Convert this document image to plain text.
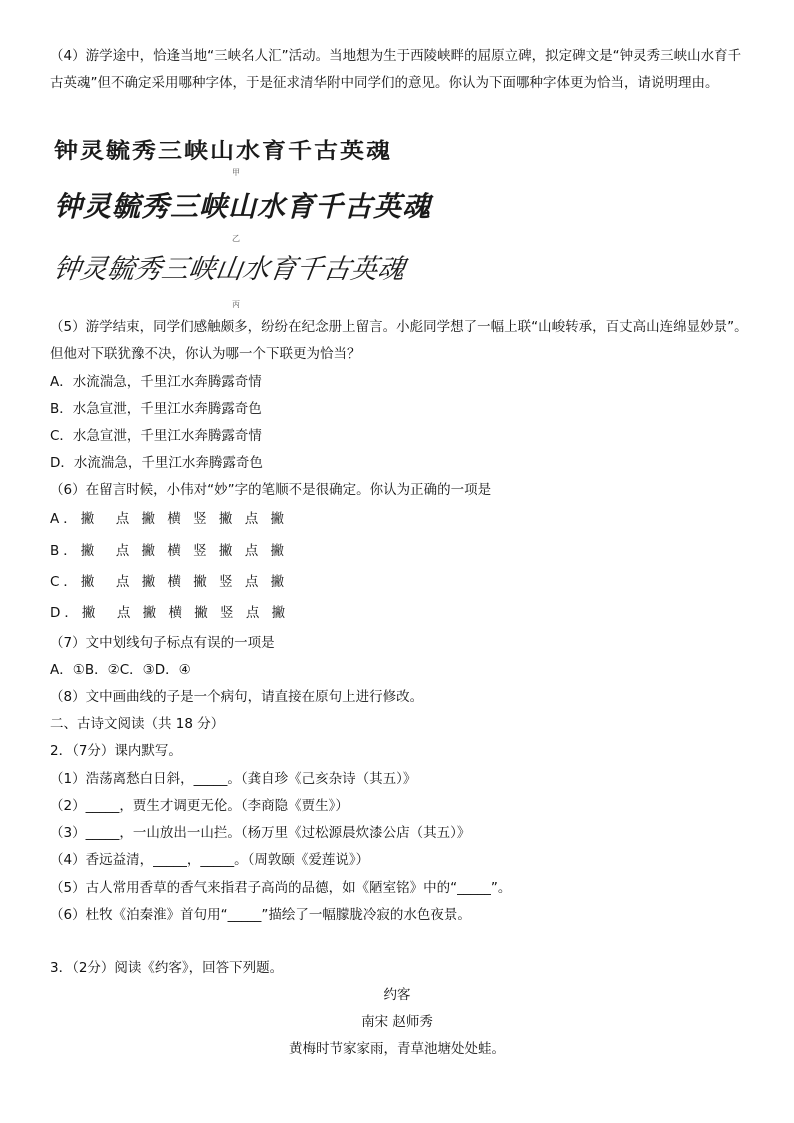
（4）游学途中，恰逢当地“三峡名人汇”活动。当地想为生于西陵峡畔的屈原立碑，拟定碑文是“钟灵秀三峡山水育千古英魂”但不确定采用哪种字体，于是征求清华附中同学们的意见。你认为下面哪种字体更为恰当，请说明理由。
钟灵毓秀三峡山水育千古英魂
甲
钟灵毓秀三峡山水育千古英魂
乙
钟灵毓秀三峡山水育千古英魂
丙
（5）游学结束，同学们感触颇多，纷纷在纪念册上留言。小彪同学想了一幅上联“山峻转承，百丈高山连绵显妙景”。但他对下联犹豫不决，你认为哪一个下联更为恰当？
A．水流湍急，千里江水奔腾露奇情
B．水急宣泄，千里江水奔腾露奇色
C．水急宣泄，千里江水奔腾露奇情
D．水流湍急，千里江水奔腾露奇色
（6）在留言时候，小伟对“妙”字的笔顺不是很确定。你认为正确的一项是
A．撇　点 撇 横 竖 撇 点 撇
B．撇　点 撇 横 竖 撇 点 撇
C．撇　点 撇 横 撇 竖 点 撇
D．撇　点 撇 横 撇 竖 点 撇
（7）文中划线句子标点有误的一项是
A．①B．②C．③D．④
（8）文中画曲线的子是一个病句，请直接在原句上进行修改。
二、古诗文阅读（共 18 分）
2．（7分）课内默写。
（1）浩荡离愁白日斜，_____。（龚自珍《己亥杂诗（其五）》
（2）_____，贾生才调更无伦。（李商隐《贾生》）
（3）_____，一山放出一山拦。（杨万里《过松源晨炊漆公店（其五）》
（4）香远益清，_____，_____。（周敦颐《爱莲说》）
（5）古人常用香草的香气来指君子高尚的品德，如《陋室铭》中的“_____”。
（6）杜牧《泊秦淮》首句用“_____”描绘了一幅朦胧冷寂的水色夜景。
3．（2分）阅读《约客》，回答下列题。
约客
南宋 赵师秀
黄梅时节家家雨，青草池塘处处蛙。
